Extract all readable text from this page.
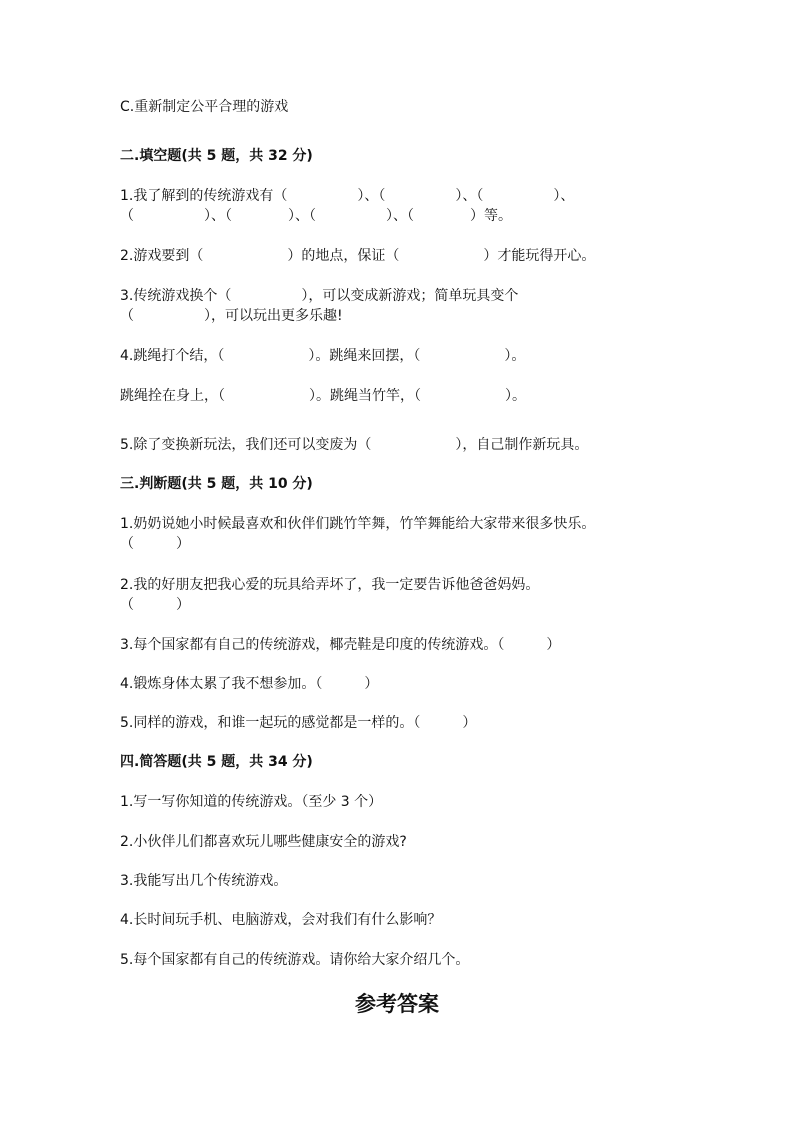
C.重新制定公平合理的游戏

二.填空题(共 5 题，共 32 分)

1.我了解到的传统游戏有（　　　　　）、（　　　　　）、（　　　　　）、

（　　　　　）、（　　　　）、（　　　　　）、（　　　　）等。

2.游戏要到（　　　　　　）的地点，保证（　　　　　　）才能玩得开心。

3.传统游戏换个（　　　　　），可以变成新游戏；简单玩具变个

（　　　　　），可以玩出更多乐趣!

4.跳绳打个结，（　　　　　　）。跳绳来回摆，（　　　　　　）。

跳绳拴在身上，（　　　　　　）。跳绳当竹竿，（　　　　　　）。

5.除了变换新玩法，我们还可以变废为（　　　　　　），自己制作新玩具。

三.判断题(共 5 题，共 10 分)

1.奶奶说她小时候最喜欢和伙伴们跳竹竿舞，竹竿舞能给大家带来很多快乐。

（　　　）

2.我的好朋友把我心爱的玩具给弄坏了，我一定要告诉他爸爸妈妈。

（　　　）

3.每个国家都有自己的传统游戏，椰壳鞋是印度的传统游戏。（　　　）

4.锻炼身体太累了我不想参加。（　　　）

5.同样的游戏，和谁一起玩的感觉都是一样的。（　　　）

四.简答题(共 5 题，共 34 分)

1.写一写你知道的传统游戏。（至少 3 个）

2.小伙伴儿们都喜欢玩儿哪些健康安全的游戏?

3.我能写出几个传统游戏。

4.长时间玩手机、电脑游戏，会对我们有什么影响？

5.每个国家都有自己的传统游戏。请你给大家介绍几个。

参考答案
